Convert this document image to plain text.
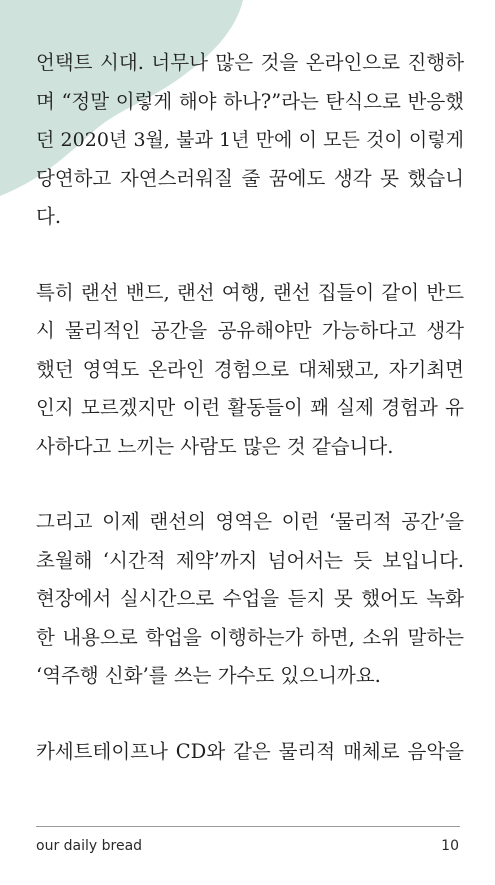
언택트 시대. 너무나 많은 것을 온라인으로 진행하
며 “정말 이렇게 해야 하나?”라는 탄식으로 반응했
던 2020년 3월, 불과 1년 만에 이 모든 것이 이렇게
당연하고 자연스러워질 줄 꿈에도 생각 못 했습니
다.

특히 랜선 밴드, 랜선 여행, 랜선 집들이 같이 반드
시 물리적인 공간을 공유해야만 가능하다고 생각
했던 영역도 온라인 경험으로 대체됐고, 자기최면
인지 모르겠지만 이런 활동들이 꽤 실제 경험과 유
사하다고 느끼는 사람도 많은 것 같습니다.

그리고 이제 랜선의 영역은 이런 ‘물리적 공간’을
초월해 ‘시간적 제약’까지 넘어서는 듯 보입니다.
현장에서 실시간으로 수업을 듣지 못 했어도 녹화
한 내용으로 학업을 이행하는가 하면, 소위 말하는
‘역주행 신화’를 쓰는 가수도 있으니까요.

카세트테이프나 CD와 같은 물리적 매체로 음악을

our daily bread	10
